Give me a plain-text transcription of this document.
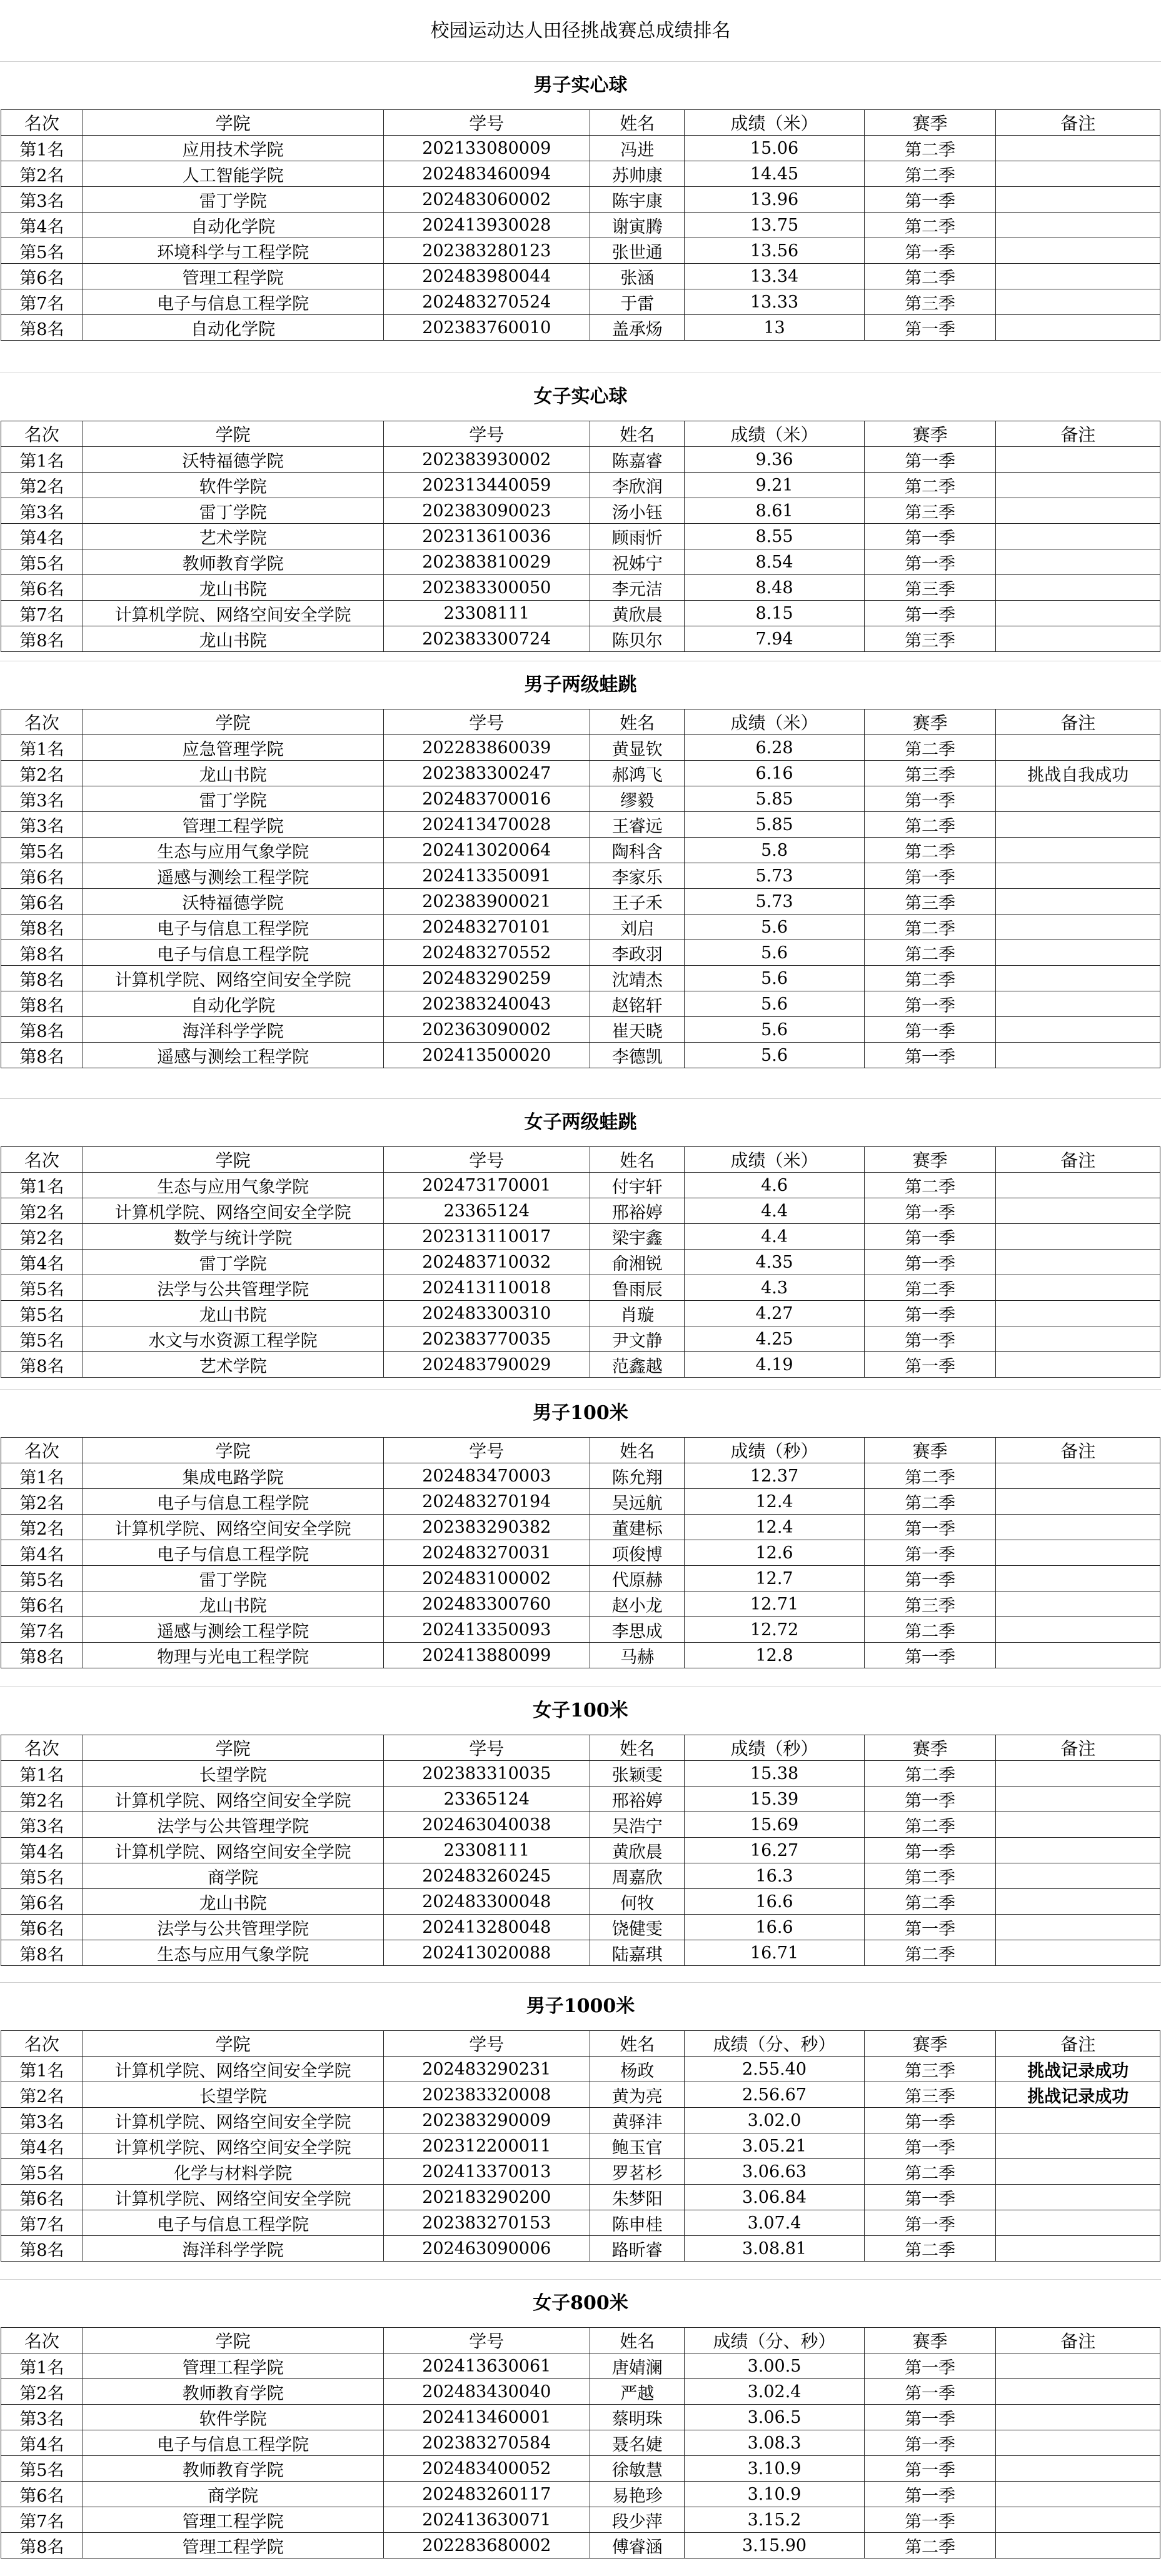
校园运动达人田径挑战赛总成绩排名
男子实心球
名次	学院	学号	姓名	成绩（米）	赛季	备注
第1名	应用技术学院	202133080009	冯进	15.06	第二季	
第2名	人工智能学院	202483460094	苏帅康	14.45	第二季	
第3名	雷丁学院	202483060002	陈宇康	13.96	第一季	
第4名	自动化学院	202413930028	谢寅腾	13.75	第二季	
第5名	环境科学与工程学院	202383280123	张世通	13.56	第一季	
第6名	管理工程学院	202483980044	张涵	13.34	第二季	
第7名	电子与信息工程学院	202483270524	于雷	13.33	第三季	
第8名	自动化学院	202383760010	盖承炀	13	第一季	
女子实心球
名次	学院	学号	姓名	成绩（米）	赛季	备注
第1名	沃特福德学院	202383930002	陈嘉睿	9.36	第一季	
第2名	软件学院	202313440059	李欣润	9.21	第二季	
第3名	雷丁学院	202383090023	汤小钰	8.61	第三季	
第4名	艺术学院	202313610036	顾雨忻	8.55	第一季	
第5名	教师教育学院	202383810029	祝姊宁	8.54	第一季	
第6名	龙山书院	202383300050	李元洁	8.48	第三季	
第7名	计算机学院、网络空间安全学院	23308111	黄欣晨	8.15	第一季	
第8名	龙山书院	202383300724	陈贝尔	7.94	第三季	
男子两级蛙跳
名次	学院	学号	姓名	成绩（米）	赛季	备注
第1名	应急管理学院	202283860039	黄显钦	6.28	第二季	
第2名	龙山书院	202383300247	郝鸿飞	6.16	第三季	挑战自我成功
第3名	雷丁学院	202483700016	缪毅	5.85	第一季	
第3名	管理工程学院	202413470028	王睿远	5.85	第二季	
第5名	生态与应用气象学院	202413020064	陶科含	5.8	第二季	
第6名	遥感与测绘工程学院	202413350091	李家乐	5.73	第一季	
第6名	沃特福德学院	202383900021	王子禾	5.73	第三季	
第8名	电子与信息工程学院	202483270101	刘启	5.6	第二季	
第8名	电子与信息工程学院	202483270552	李政羽	5.6	第二季	
第8名	计算机学院、网络空间安全学院	202483290259	沈靖杰	5.6	第二季	
第8名	自动化学院	202383240043	赵铭轩	5.6	第一季	
第8名	海洋科学学院	202363090002	崔天晓	5.6	第一季	
第8名	遥感与测绘工程学院	202413500020	李德凯	5.6	第一季	
女子两级蛙跳
名次	学院	学号	姓名	成绩（米）	赛季	备注
第1名	生态与应用气象学院	202473170001	付宇轩	4.6	第二季	
第2名	计算机学院、网络空间安全学院	23365124	邢裕婷	4.4	第一季	
第2名	数学与统计学院	202313110017	梁宇鑫	4.4	第一季	
第4名	雷丁学院	202483710032	俞湘锐	4.35	第一季	
第5名	法学与公共管理学院	202413110018	鲁雨辰	4.3	第二季	
第5名	龙山书院	202483300310	肖璇	4.27	第一季	
第5名	水文与水资源工程学院	202383770035	尹文静	4.25	第一季	
第8名	艺术学院	202483790029	范鑫越	4.19	第一季	
男子100米
名次	学院	学号	姓名	成绩（秒）	赛季	备注
第1名	集成电路学院	202483470003	陈允翔	12.37	第二季	
第2名	电子与信息工程学院	202483270194	吴远航	12.4	第二季	
第2名	计算机学院、网络空间安全学院	202383290382	董建标	12.4	第一季	
第4名	电子与信息工程学院	202483270031	项俊博	12.6	第一季	
第5名	雷丁学院	202483100002	代原赫	12.7	第一季	
第6名	龙山书院	202483300760	赵小龙	12.71	第三季	
第7名	遥感与测绘工程学院	202413350093	李思成	12.72	第二季	
第8名	物理与光电工程学院	202413880099	马赫	12.8	第一季	
女子100米
名次	学院	学号	姓名	成绩（秒）	赛季	备注
第1名	长望学院	202383310035	张颖雯	15.38	第二季	
第2名	计算机学院、网络空间安全学院	23365124	邢裕婷	15.39	第一季	
第3名	法学与公共管理学院	202463040038	吴浩宁	15.69	第二季	
第4名	计算机学院、网络空间安全学院	23308111	黄欣晨	16.27	第一季	
第5名	商学院	202483260245	周嘉欣	16.3	第二季	
第6名	龙山书院	202483300048	何牧	16.6	第二季	
第6名	法学与公共管理学院	202413280048	饶健雯	16.6	第一季	
第8名	生态与应用气象学院	202413020088	陆嘉琪	16.71	第二季	
男子1000米
名次	学院	学号	姓名	成绩（分、秒）	赛季	备注
第1名	计算机学院、网络空间安全学院	202483290231	杨政	2.55.40	第三季	挑战记录成功
第2名	长望学院	202383320008	黄为亮	2.56.67	第三季	挑战记录成功
第3名	计算机学院、网络空间安全学院	202383290009	黄驿沣	3.02.0	第一季	
第4名	计算机学院、网络空间安全学院	202312200011	鲍玉官	3.05.21	第一季	
第5名	化学与材料学院	202413370013	罗茗杉	3.06.63	第二季	
第6名	计算机学院、网络空间安全学院	202183290200	朱梦阳	3.06.84	第一季	
第7名	电子与信息工程学院	202383270153	陈申桂	3.07.4	第一季	
第8名	海洋科学学院	202463090006	路昕睿	3.08.81	第二季	
女子800米
名次	学院	学号	姓名	成绩（分、秒）	赛季	备注
第1名	管理工程学院	202413630061	唐婧澜	3.00.5	第一季	
第2名	教师教育学院	202483430040	严越	3.02.4	第一季	
第3名	软件学院	202413460001	蔡明珠	3.06.5	第一季	
第4名	电子与信息工程学院	202383270584	聂名婕	3.08.3	第一季	
第5名	教师教育学院	202483400052	徐敏慧	3.10.9	第一季	
第6名	商学院	202483260117	易艳珍	3.10.9	第一季	
第7名	管理工程学院	202413630071	段少萍	3.15.2	第一季	
第8名	管理工程学院	202283680002	傅睿涵	3.15.90	第二季	
